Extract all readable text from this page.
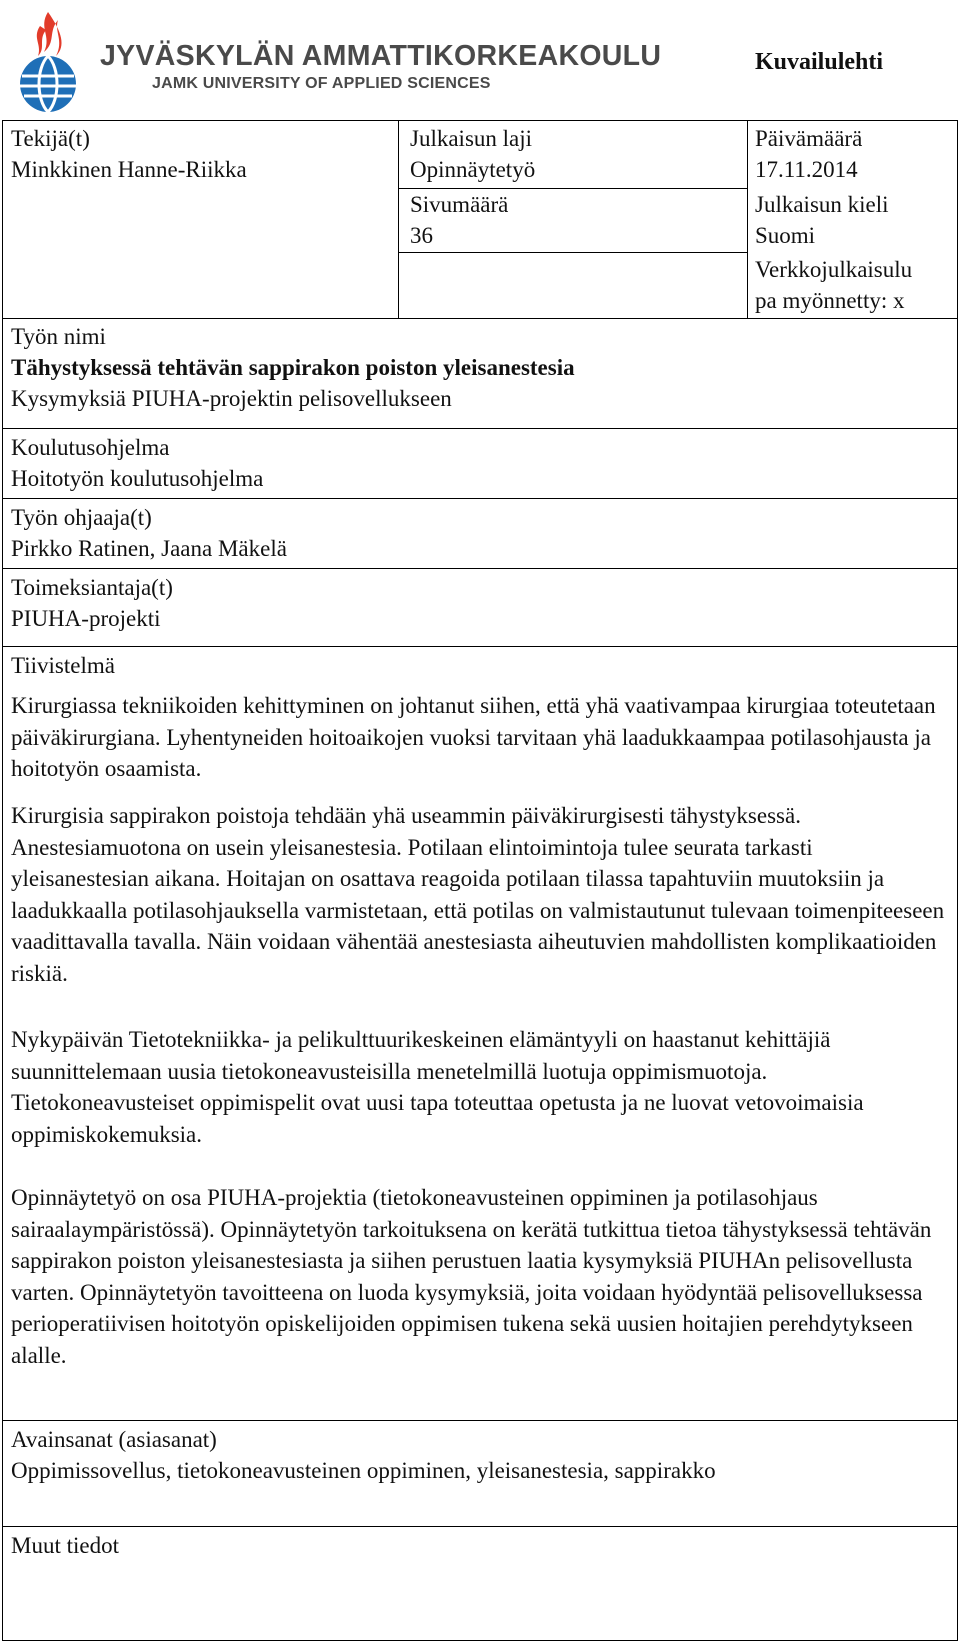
JYVÄSKYLÄN AMMATTIKORKEAKOULU
JAMK UNIVERSITY OF APPLIED SCIENCES
Kuvailulehti
Tekijä(t)
Minkkinen Hanne-Riikka
Julkaisun laji
Opinnäytetyö
Sivumäärä
36
Päivämäärä
17.11.2014
Julkaisun kieli
Suomi
Verkkojulkaisulu
pa myönnetty: x
Työn nimi
Tähystyksessä tehtävän sappirakon poiston yleisanestesia
Kysymyksiä PIUHA-projektin pelisovellukseen
Koulutusohjelma
Hoitotyön koulutusohjelma
Työn ohjaaja(t)
Pirkko Ratinen, Jaana Mäkelä
Toimeksiantaja(t)
PIUHA-projekti
Tiivistelmä

Kirurgiassa tekniikoiden kehittyminen on johtanut siihen, että yhä vaativampaa kirurgiaa toteutetaan päiväkirurgiana. Lyhentyneiden hoitoaikojen vuoksi tarvitaan yhä laadukkaampaa potilasohjausta ja hoitotyön osaamista.

Kirurgisia sappirakon poistoja tehdään yhä useammin päiväkirurgisesti tähystyksessä. Anestesiamuotona on usein yleisanestesia. Potilaan elintoimintoja tulee seurata tarkasti yleisanestesian aikana. Hoitajan on osattava reagoida potilaan tilassa tapahtuviin muutoksiin ja laadukkaalla potilasohjauksella varmistetaan, että potilas on valmistautunut tulevaan toimenpiteeseen vaadittavalla tavalla. Näin voidaan vähentää anestesiasta aiheutuvien mahdollisten komplikaatioiden riskiä.

Nykypäivän Tietotekniikka- ja pelikulttuurikeskeinen elämäntyyli on haastanut kehittäjiä suunnittelemaan uusia tietokoneavusteisilla menetelmillä luotuja oppimismuotoja. Tietokoneavusteiset oppimispelit ovat uusi tapa toteuttaa opetusta ja ne luovat vetovoimaisia oppimiskokemuksia.

Opinnäytetyö on osa PIUHA-projektia (tietokoneavusteinen oppiminen ja potilasohjaus sairaalaympäristössä). Opinnäytetyön tarkoituksena on kerätä tutkittua tietoa tähystyksessä tehtävän sappirakon poiston yleisanestesiasta ja siihen perustuen laatia kysymyksiä PIUHAn pelisovellusta varten. Opinnäytetyön tavoitteena on luoda kysymyksiä, joita voidaan hyödyntää pelisovelluksessa perioperatiivisen hoitotyön opiskelijoiden oppimisen tukena sekä uusien hoitajien perehdytykseen alalle.

Avainsanat (asiasanat)
Oppimissovellus, tietokoneavusteinen oppiminen, yleisanestesia, sappirakko
Muut tiedot
